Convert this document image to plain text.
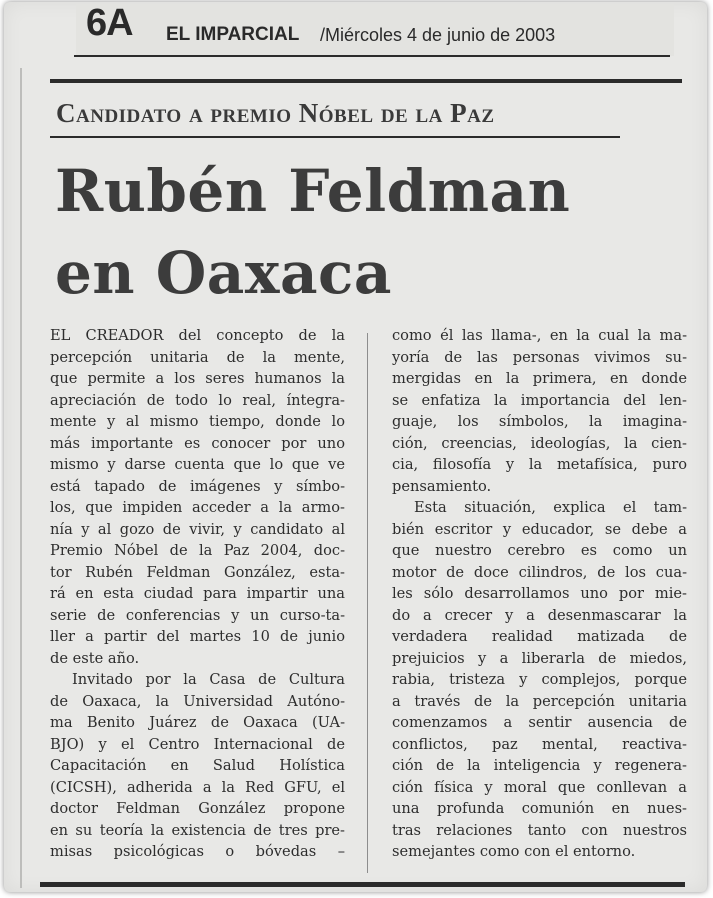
6A EL IMPARCIAL /Miércoles 4 de junio de 2003
Candidato a premio Nóbel de la Paz
Rubén Feldman
en Oaxaca
EL CREADOR del concepto de la
percepción unitaria de la mente,
que permite a los seres humanos la
apreciación de todo lo real, íntegra-
mente y al mismo tiempo, donde lo
más importante es conocer por uno
mismo y darse cuenta que lo que ve
está tapado de imágenes y símbo-
los, que impiden acceder a la armo-
nía y al gozo de vivir, y candidato al
Premio Nóbel de la Paz 2004, doc-
tor Rubén Feldman González, esta-
rá en esta ciudad para impartir una
serie de conferencias y un curso-ta-
ller a partir del martes 10 de junio
de este año.
Invitado por la Casa de Cultura
de Oaxaca, la Universidad Autóno-
ma Benito Juárez de Oaxaca (UA-
BJO) y el Centro Internacional de
Capacitación en Salud Holística
(CICSH), adherida a la Red GFU, el
doctor Feldman González propone
en su teoría la existencia de tres pre-
misas psicológicas o bóvedas –
como él las llama-, en la cual la ma-
yoría de las personas vivimos su-
mergidas en la primera, en donde
se enfatiza la importancia del len-
guaje, los símbolos, la imagina-
ción, creencias, ideologías, la cien-
cia, filosofía y la metafísica, puro
pensamiento.
Esta situación, explica el tam-
bién escritor y educador, se debe a
que nuestro cerebro es como un
motor de doce cilindros, de los cua-
les sólo desarrollamos uno por mie-
do a crecer y a desenmascarar la
verdadera realidad matizada de
prejuicios y a liberarla de miedos,
rabia, tristeza y complejos, porque
a través de la percepción unitaria
comenzamos a sentir ausencia de
conflictos, paz mental, reactiva-
ción de la inteligencia y regenera-
ción física y moral que conllevan a
una profunda comunión en nues-
tras relaciones tanto con nuestros
semejantes como con el entorno.
